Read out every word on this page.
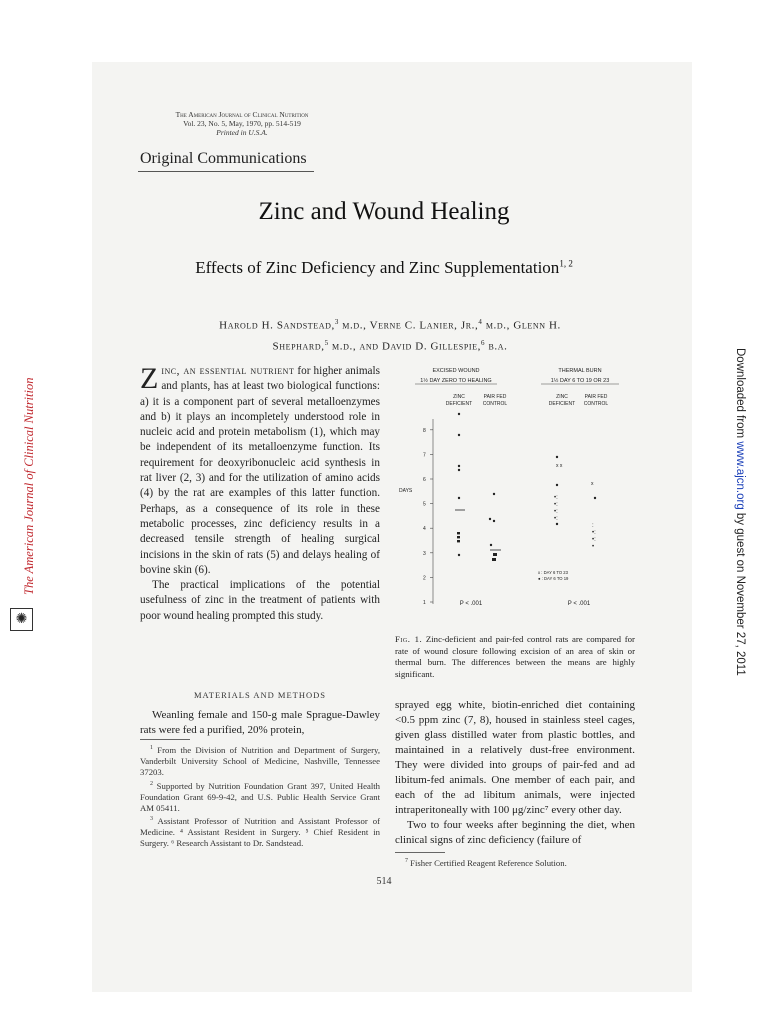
The American Journal of Clinical Nutrition
Vol. 23, No. 5, May, 1970, pp. 514-519
Printed in U.S.A.
Original Communications
Zinc and Wound Healing
Effects of Zinc Deficiency and Zinc Supplementation$^{1, 2}$
Harold H. Sandstead,$^3$ m.d., Verne C. Lanier, Jr.,$^4$ m.d., Glenn H.
Shephard,$^5$ m.d., and David D. Gillespie,$^6$ b.a.

Zinc, an essential nutrient for higher animals and plants, has at least two biological functions: a) it is a component part of several metalloenzymes and b) it plays an incompletely understood role in nucleic acid and protein metabolism (1), which may be independent of its metalloenzyme function. Its requirement for deoxyribonucleic acid synthesis in rat liver (2, 3) and for the utilization of amino acids (4) by the rat are examples of this latter function. Perhaps, as a consequence of its role in these metabolic processes, zinc deficiency results in a decreased tensile strength of healing surgical incisions in the skin of rats (5) and delays healing of bovine skin (6).

The practical implications of the potential usefulness of zinc in the treatment of patients with poor wound healing prompted this study.

MATERIALS AND METHODS
Weanling female and 150-g male Sprague-Dawley rats were fed a purified, 20% protein,

$^1$ From the Division of Nutrition and Department of Surgery, Vanderbilt University School of Medicine, Nashville, Tennessee 37203.

$^2$ Supported by Nutrition Foundation Grant 397, United Health Foundation Grant 69-9-42, and U.S. Public Health Service Grant AM 05411.

$^3$ Assistant Professor of Nutrition and Assistant Professor of Medicine. ⁴ Assistant Resident in Surgery. ⁵ Chief Resident in Surgery. ⁶ Research Assistant to Dr. Sandstead.

EXCISED WOUND
1½ DAY ZERO TO HEALING
THERMAL BURN
1½ DAY 6 TO 19 OR 23
ZINC
DEFICIENT
PAIR FED
CONTROL
ZINC
DEFICIENT
PAIR FED
CONTROL
DAYS
1
2
3
4
5
6
7
8
x x
•:
•:
•:
•:
x
:
•:
•:
•
x : DAY 6 TO 23
● : DAY 6 TO 19
P < .001	P < .001
Fig. 1. Zinc-deficient and pair-fed control rats are compared for rate of wound closure following excision of an area of skin or thermal burn. The differences between the means are highly significant.

sprayed egg white, biotin-enriched diet containing <0.5 ppm zinc (7, 8), housed in stainless steel cages, given glass distilled water from plastic bottles, and maintained in a relatively dust-free environment. They were divided into groups of pair-fed and ad libitum-fed animals. One member of each pair, and each of the ad libitum animals, were injected intraperitoneally with 100 μg/zinc⁷ every other day.

Two to four weeks after beginning the diet, when clinical signs of zinc deficiency (failure of

$^7$ Fisher Certified Reagent Reference Solution.
514
The American Journal of Clinical Nutrition
✺
Downloaded from www.ajcn.org by guest on November 27, 2011
